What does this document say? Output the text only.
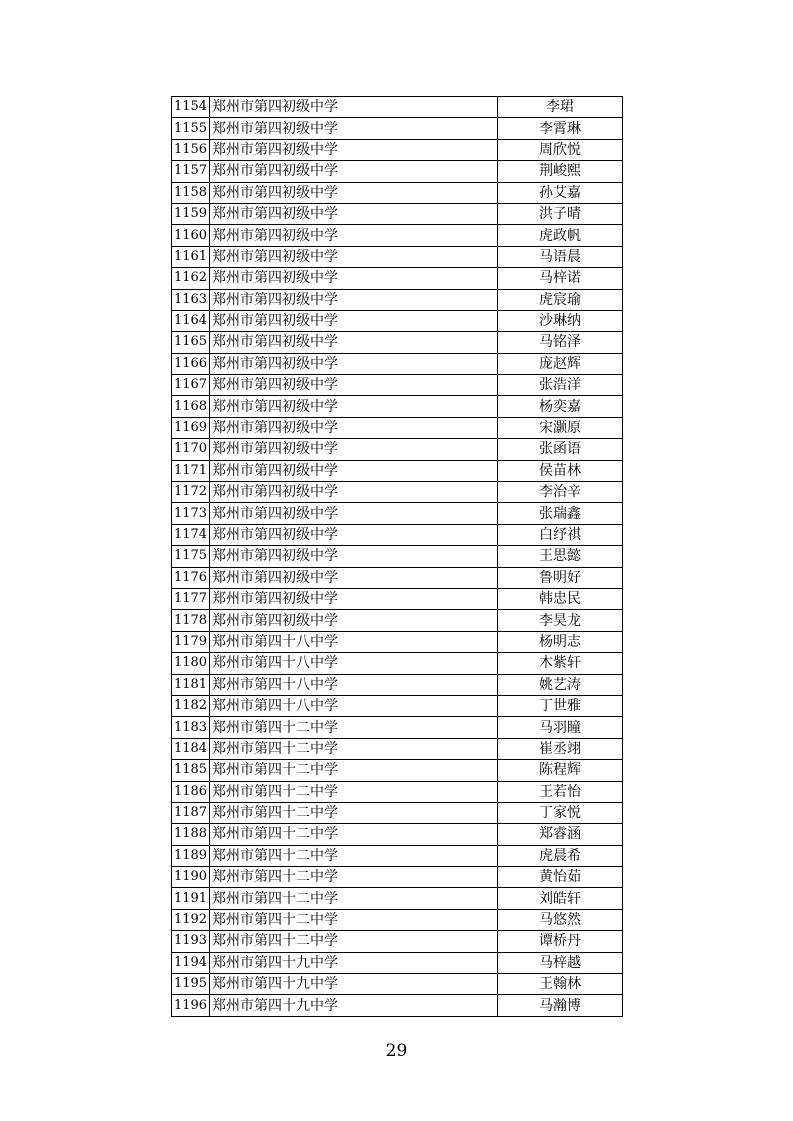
1154	郑州市第四初级中学	李珺
1155	郑州市第四初级中学	李霄琳
1156	郑州市第四初级中学	周欣悦
1157	郑州市第四初级中学	荆峻熙
1158	郑州市第四初级中学	孙艾嘉
1159	郑州市第四初级中学	洪子晴
1160	郑州市第四初级中学	虎政帆
1161	郑州市第四初级中学	马语晨
1162	郑州市第四初级中学	马梓诺
1163	郑州市第四初级中学	虎宸瑜
1164	郑州市第四初级中学	沙琳纳
1165	郑州市第四初级中学	马铭泽
1166	郑州市第四初级中学	庞赵辉
1167	郑州市第四初级中学	张浩洋
1168	郑州市第四初级中学	杨奕嘉
1169	郑州市第四初级中学	宋灏原
1170	郑州市第四初级中学	张函语
1171	郑州市第四初级中学	侯苗林
1172	郑州市第四初级中学	李治辛
1173	郑州市第四初级中学	张瑞鑫
1174	郑州市第四初级中学	白纾祺
1175	郑州市第四初级中学	王思懿
1176	郑州市第四初级中学	鲁明好
1177	郑州市第四初级中学	韩忠民
1178	郑州市第四初级中学	李昊龙
1179	郑州市第四十八中学	杨明志
1180	郑州市第四十八中学	木紫轩
1181	郑州市第四十八中学	姚艺涛
1182	郑州市第四十八中学	丁世雅
1183	郑州市第四十二中学	马羽瞳
1184	郑州市第四十二中学	崔丞翊
1185	郑州市第四十二中学	陈程辉
1186	郑州市第四十二中学	王若怡
1187	郑州市第四十二中学	丁家悦
1188	郑州市第四十二中学	郑睿涵
1189	郑州市第四十二中学	虎晨希
1190	郑州市第四十二中学	黄怡茹
1191	郑州市第四十二中学	刘皓轩
1192	郑州市第四十二中学	马悠然
1193	郑州市第四十二中学	谭桥丹
1194	郑州市第四十九中学	马梓越
1195	郑州市第四十九中学	王翰林
1196	郑州市第四十九中学	马瀚博
29
